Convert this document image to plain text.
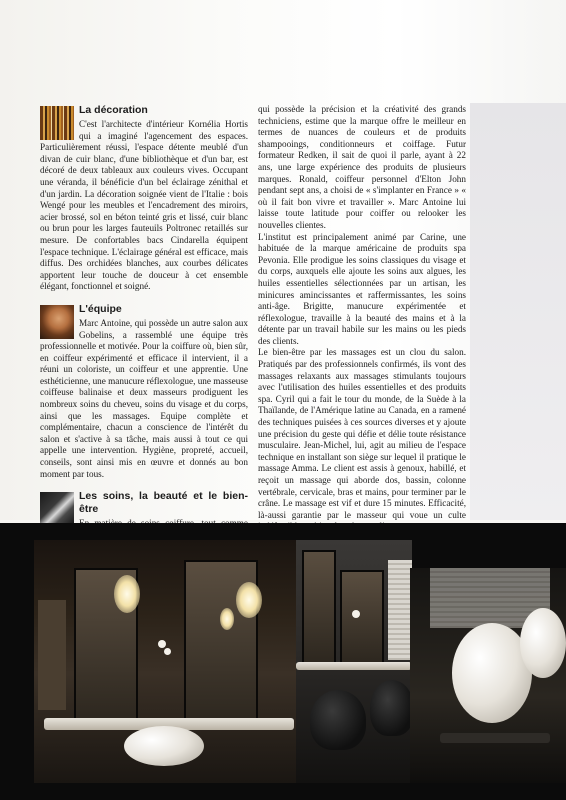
La décoration

C'est l'architecte d'intérieur Kornélia Hortis qui a imaginé l'agencement des espaces. Particulièrement réussi, l'espace détente meublé d'un divan de cuir blanc, d'une bibliothèque et d'un bar, est décoré de deux tableaux aux couleurs vives. Occupant une véranda, il bénéficie d'un bel éclairage zénithal et d'un jardin. La décoration soignée vient de l'Italie : bois Wengé pour les meubles et l'encadrement des miroirs, acier brossé, sol en béton teinté gris et lissé, cuir blanc ou brun pour les larges fauteuils Poltronec retaillés sur mesure. De confortables bacs Cindarella équipent l'espace technique. L'éclairage général est efficace, mais diffus. Des orchidées blanches, aux courbes délicates apportent leur touche de douceur à cet ensemble élégant, fonctionnel et soigné.

L'équipe

Marc Antoine, qui possède un autre salon aux Gobelins, a rassemblé une équipe très professionnelle et motivée. Pour la coiffure où, bien sûr, en coiffeur expérimenté et efficace il intervient, il a réuni un coloriste, un coiffeur et une apprentie. Une esthéticienne, une manucure réflexologue, une masseuse coiffeuse balinaise et deux masseurs prodiguent les nombreux soins du cheveu, soins du visage et du corps, ainsi que les massages. Equipe complète et complémentaire, chacun a conscience de l'intérêt du salon et s'active à sa tâche, mais aussi à tout ce qui appelle une intervention. Hygiène, propreté, accueil, conseils, sont ainsi mis en œuvre et donnés au bon moment par tous.

Les soins, la beauté et le bien-être

qui possède la précision et la créativité des grands techniciens, estime que la marque offre le meilleur en termes de nuances de couleurs et de produits shampooings, conditionneurs et coiffage. Futur formateur Redken, il sait de quoi il parle, ayant à 22 ans, une large expérience des produits de plusieurs marques. Ronald, coiffeur personnel d'Elton John pendant sept ans, a choisi de « s'implanter en France » « où il fait bon vivre et travailler ». Marc Antoine lui laisse toute latitude pour coiffer ou relooker les nouvelles clientes.

L'institut est principalement animé par Carine, une habituée de la marque américaine de produits spa Pevonia. Elle prodigue les soins classiques du visage et du corps, auxquels elle ajoute les soins aux algues, les huiles essentielles sélectionnées par un artisan, les minicures amincissantes et raffermissantes, les soins anti-âge. Brigitte, manucure expérimentée et réflexologue, travaille à la beauté des mains et à la détente par un travail habile sur les mains ou les pieds des clients.

Le bien-être par les massages est un clou du salon. Pratiqués par des professionnels confirmés, ils vont des massages relaxants aux massages stimulants toujours avec l'utilisation des huiles essentielles et des produits spa. Cyril qui a fait le tour du monde, de la Suède à la Thaïlande, de l'Amérique latine au Canada, en a ramené des techniques puisées à ces sources diverses et y ajoute une précision du geste qui défie et délie toute résistance musculaire. Jean-Michel, lui, agit au milieu de l'espace technique en installant son siège sur lequel il pratique le massage Amma. Le client est assis à genoux, habillé, et reçoit un massage qui aborde dos, bassin, colonne vertébrale, cervicale, bras et mains, pour terminer par le crâne. Le massage est vif et dure 15 minutes. Efficacité, là-aussi garantie par le masseur qui voue un culte
